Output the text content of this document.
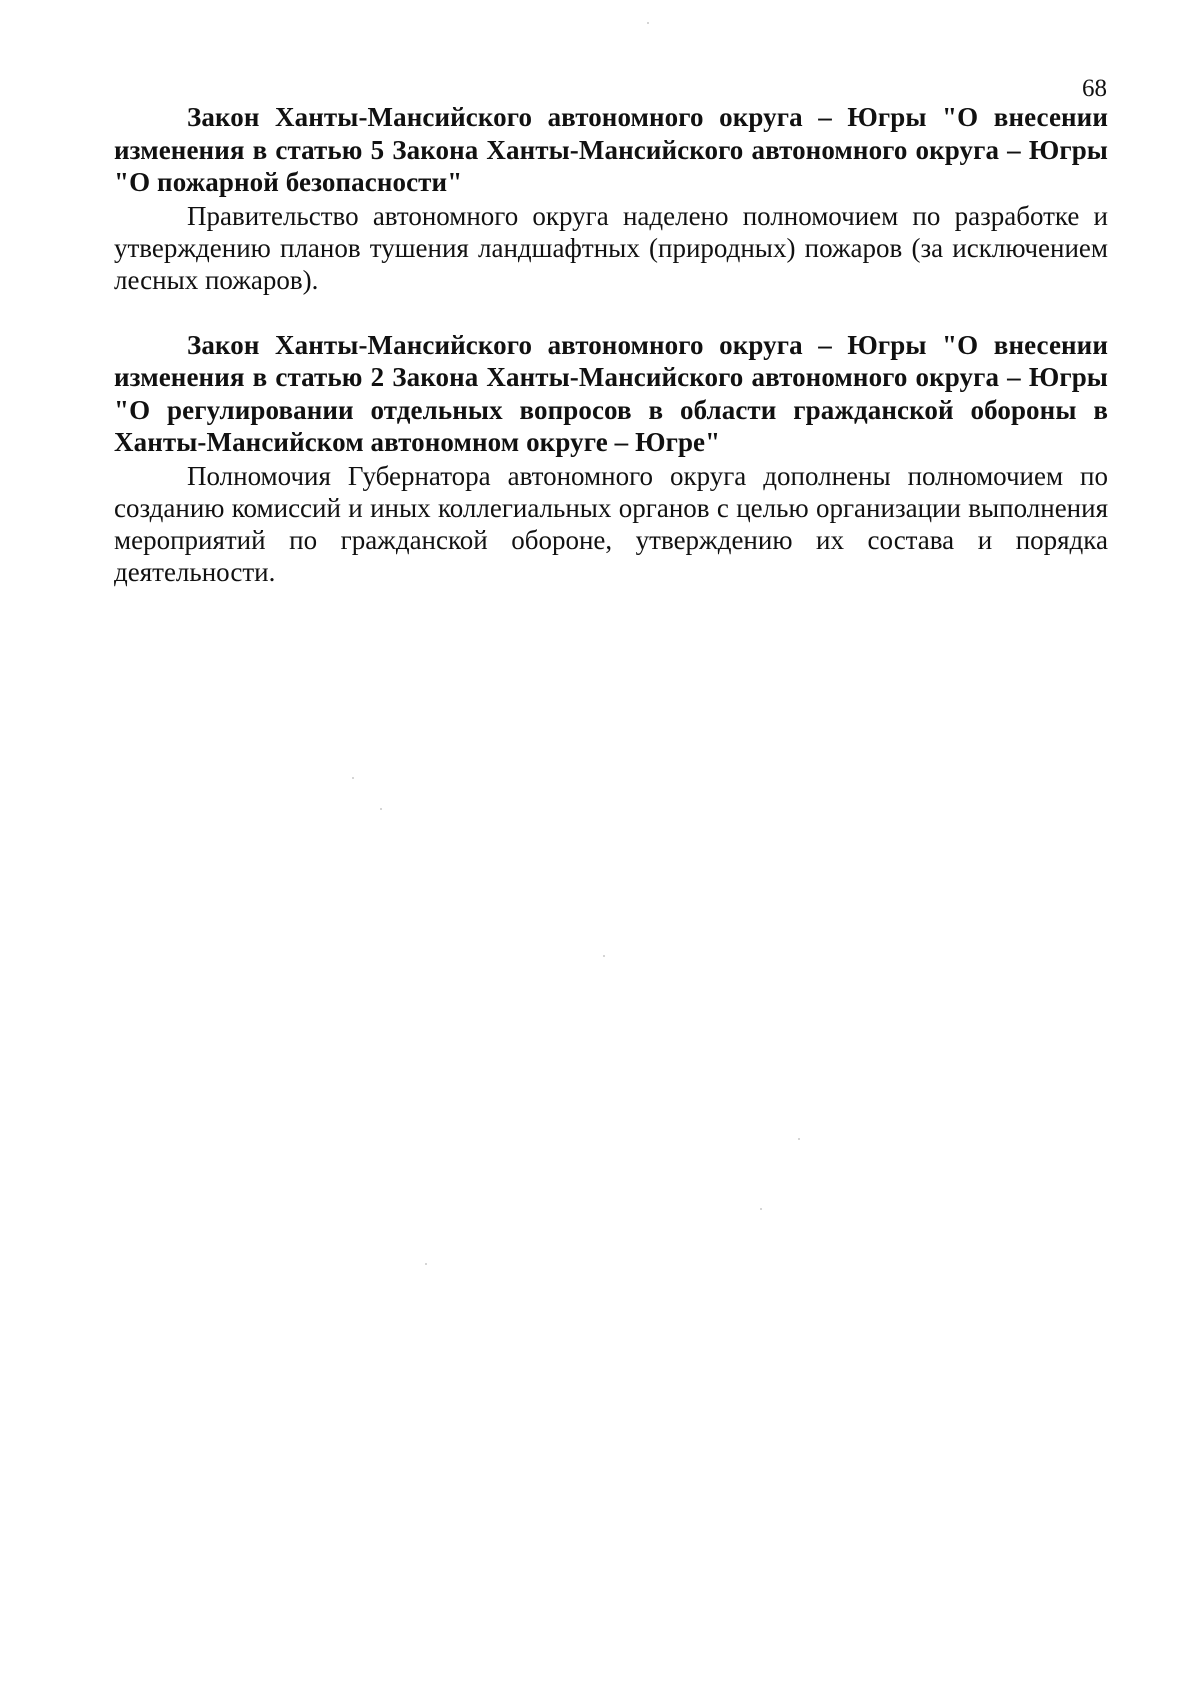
68

Закон Ханты-Мансийского автономного округа – Югры "О внесении изменения в статью 5 Закона Ханты-Мансийского автономного округа – Югры "О пожарной безопасности"

Правительство автономного округа наделено полномочием по разработке и утверждению планов тушения ландшафтных (природных) пожаров (за исключением лесных пожаров).

Закон Ханты-Мансийского автономного округа – Югры "О внесении изменения в статью 2 Закона Ханты-Мансийского автономного округа – Югры "О регулировании отдельных вопросов в области гражданской обороны в Ханты-Мансийском автономном округе – Югре"

Полномочия Губернатора автономного округа дополнены полномочием по созданию комиссий и иных коллегиальных органов с целью организации выполнения мероприятий по гражданской обороне, утверждению их состава и порядка деятельности.
